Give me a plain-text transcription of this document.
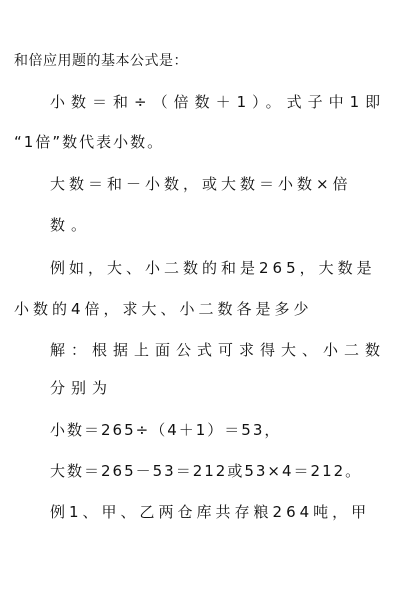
和倍应用题的基本公式是：
小数＝和÷（倍数＋1）。式子中1即
“1倍”数代表小数。
大数＝和－小数，或大数＝小数×倍
数。
例如，大、小二数的和是265，大数是
小数的4倍，求大、小二数各是多少
解：根据上面公式可求得大、小二数
分别为
小数＝265÷（4＋1）＝53，
大数＝265－53＝212或53×4＝212。
例1、甲、乙两仓库共存粮264吨，甲
